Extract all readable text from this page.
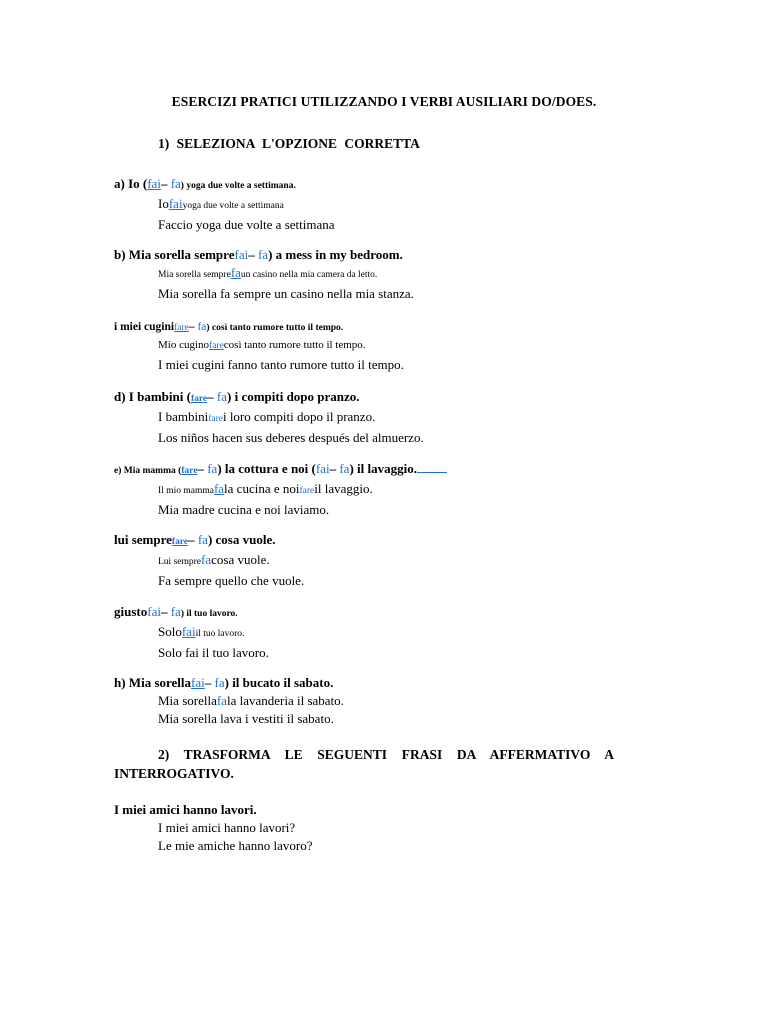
ESERCIZI PRATICI UTILIZZANDO I VERBI AUSILIARI DO/DOES.
1) SELEZIONA L'OPZIONE CORRETTA
a) Io (fai– fa) yoga due volte a settimana.
Iofaiyoga due volte a settimana
Faccio yoga due volte a settimana
b) Mia sorella semprefai– fa) a mess in my bedroom.
Mia sorella semprefaun casino nella mia camera da letto.
Mia sorella fa sempre un casino nella mia stanza.
i miei cuginifare– fa) così tanto rumore tutto il tempo.
Mio cuginofarecosì tanto rumore tutto il tempo.
I miei cugini fanno tanto rumore tutto il tempo.
d) I bambini (fare– fa) i compiti dopo pranzo.
I bambinifarei loro compiti dopo il pranzo.
Los niños hacen sus deberes después del almuerzo.
e) Mia mamma (fare– fa) la cottura e noi (fai– fa) il lavaggio.
Il mio mammafala cucina e noifareil lavaggio.
Mia madre cucina e noi laviamo.
lui semprefare– fa) cosa vuole.
Lui semprefacosa vuole.
Fa sempre quello che vuole.
giustofai– fa) il tuo lavoro.
Solofaiil tuo lavoro.
Solo fai il tuo lavoro.
h) Mia sorellafai– fa) il bucato il sabato.
Mia sorellafala lavanderia il sabato.
Mia sorella lava i vestiti il sabato.
2) TRASFORMA LE SEGUENTI FRASI DA AFFERMATIVO A INTERROGATIVO.
I miei amici hanno lavori.
I miei amici hanno lavori?
Le mie amiche hanno lavoro?
